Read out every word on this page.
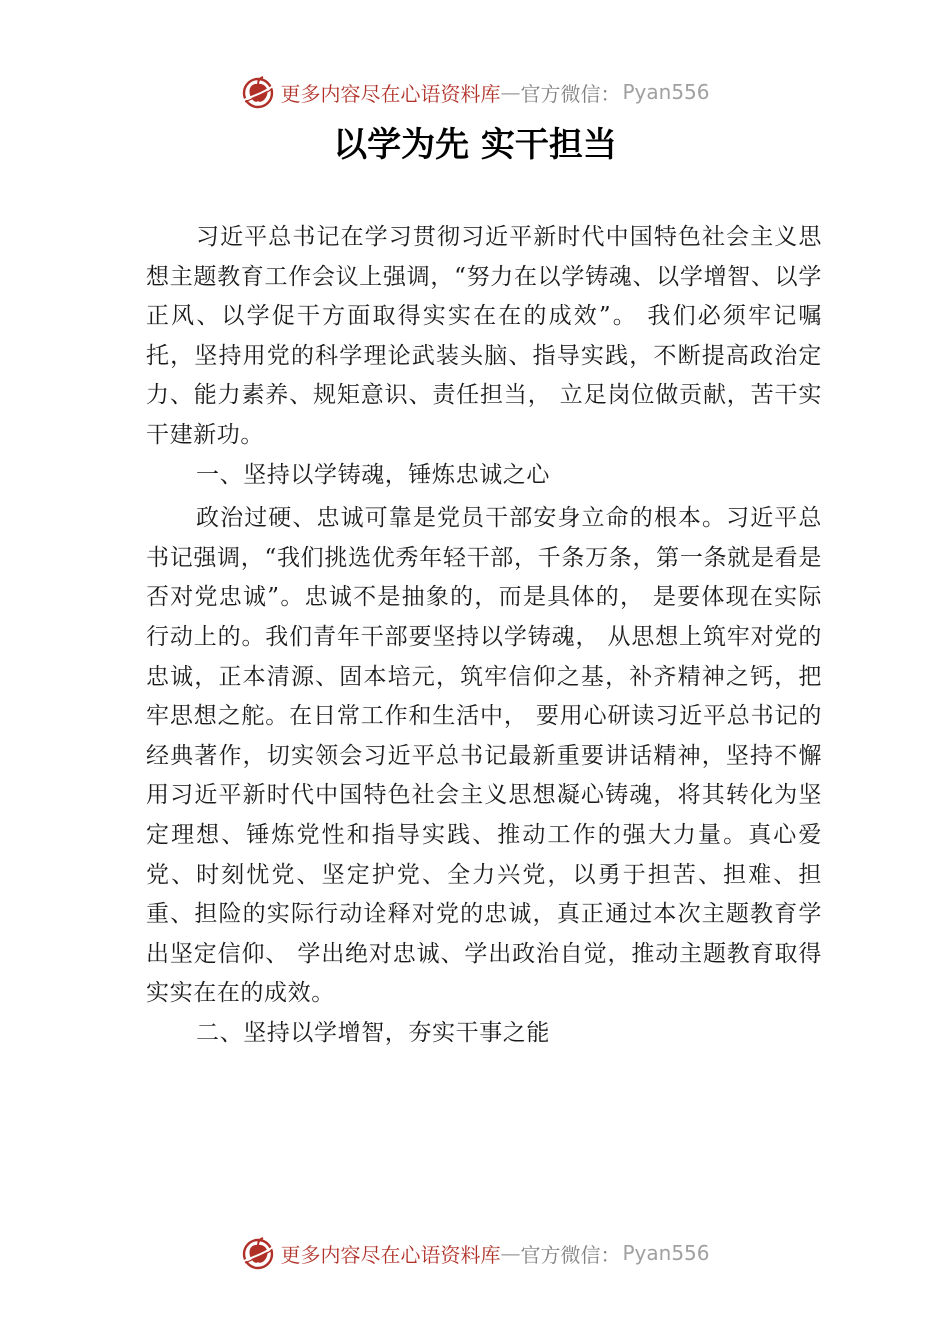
更多内容尽在心语资料库 — 官方微信： Pyan556
以学为先 实干担当

习近平总书记在学习贯彻习近平新时代中国特色社会主义思想主题教育工作会议上强调，“努力在以学铸魂、以学增智、以学正风、以学促干方面取得实实在在的成效”。 我们必须牢记嘱托，坚持用党的科学理论武装头脑、指导实践，不断提高政治定力、能力素养、规矩意识、责任担当， 立足岗位做贡献，苦干实干建新功。

一、坚持以学铸魂，锤炼忠诚之心

政治过硬、忠诚可靠是党员干部安身立命的根本。习近平总书记强调，“我们挑选优秀年轻干部，千条万条，第一条就是看是否对党忠诚”。忠诚不是抽象的，而是具体的， 是要体现在实际行动上的。我们青年干部要坚持以学铸魂， 从思想上筑牢对党的忠诚，正本清源、固本培元，筑牢信仰之基，补齐精神之钙，把牢思想之舵。在日常工作和生活中， 要用心研读习近平总书记的经典著作，切实领会习近平总书记最新重要讲话精神，坚持不懈用习近平新时代中国特色社会主义思想凝心铸魂，将其转化为坚定理想、锤炼党性和指导实践、推动工作的强大力量。真心爱党、时刻忧党、坚定护党、全力兴党，以勇于担苦、担难、担重、担险的实际行动诠释对党的忠诚，真正通过本次主题教育学出坚定信仰、 学出绝对忠诚、学出政治自觉，推动主题教育取得实实在在的成效。

二、坚持以学增智，夯实干事之能

更多内容尽在心语资料库 — 官方微信： Pyan556
